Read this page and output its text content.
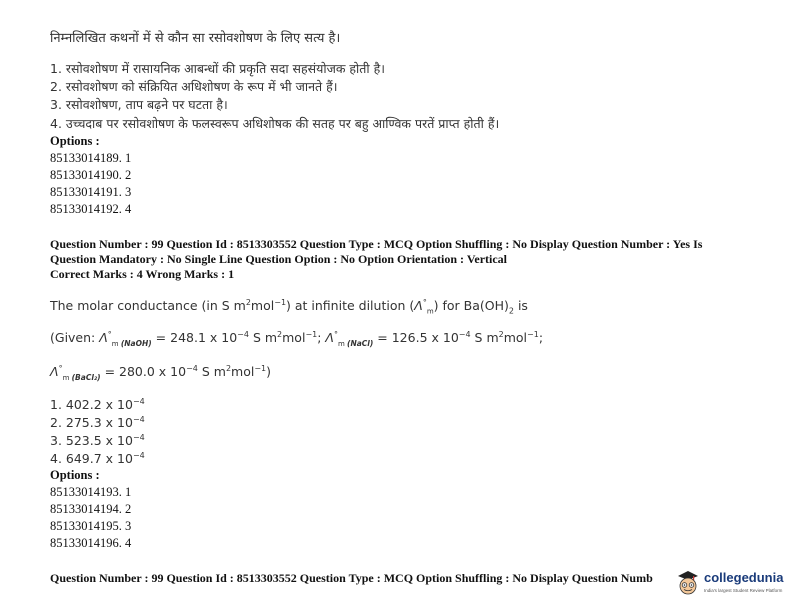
निम्नलिखित कथनों में से कौन सा रसोवशोषण के लिए सत्य है।
1. रसोवशोषण में रासायनिक आबन्धों की प्रकृति सदा सहसंयोजक होती है।
2. रसोवशोषण को संक्रियित अधिशोषण के रूप में भी जानते हैं।
3. रसोवशोषण, ताप बढ़ने पर घटता है।
4. उच्चदाब पर रसोवशोषण के फलस्वरूप अधिशोषक की सतह पर बहु आण्विक परतें प्राप्त होती हैं।
Options :
85133014189. 1
85133014190. 2
85133014191. 3
85133014192. 4
Question Number : 99 Question Id : 8513303552 Question Type : MCQ Option Shuffling : No Display Question Number : Yes Is
Question Mandatory : No Single Line Question Option : No Option Orientation : Vertical
Correct Marks : 4 Wrong Marks : 1
The molar conductance (in S $m^2mol^{-1}$) at infinite dilution $(\Lambda^\circ_m)$ for $Ba(OH)_2$ is
(Given: $\Lambda^\circ_{m (NaOH)} = 248.1$ x $10^{-4}$ S $m^2mol^{-1}$; $\Lambda^\circ_{m (NaCl)} = 126.5$ x $10^{-4}$ S $m^2mol^{-1}$;
$\Lambda^\circ_{m (BaCl_2)} = 280.0$ x $10^{-4}$ S $m^2mol^{-1}$)
1. 402.2 x $10^{-4}$
2. 275.3 x $10^{-4}$
3. 523.5 x $10^{-4}$
4. 649.7 x $10^{-4}$
Options :
85133014193. 1
85133014194. 2
85133014195. 3
85133014196. 4
Question Number : 99 Question Id : 8513303552 Question Type : MCQ Option Shuffling : No Display Question Numb	collegedunia
India's largest Student Review Platform
